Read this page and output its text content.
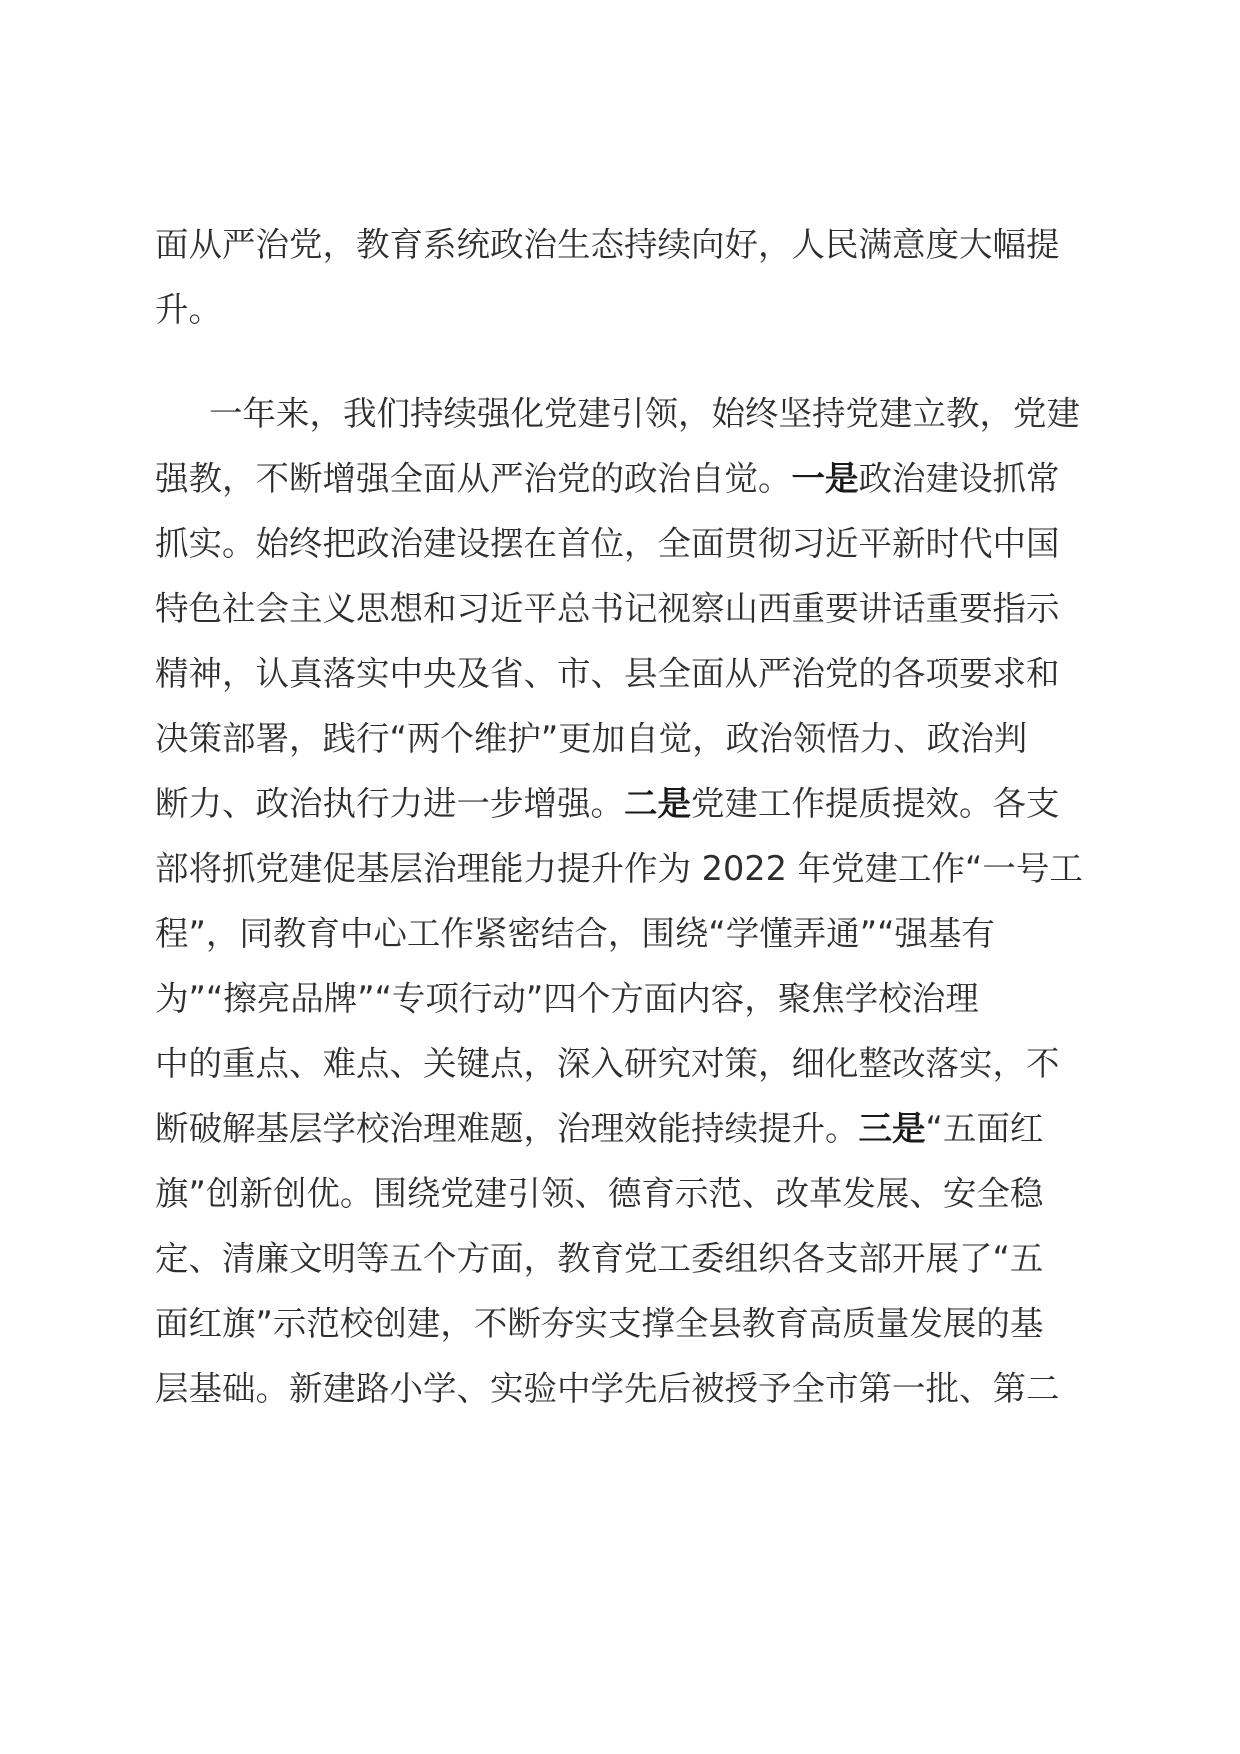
面从严治党，教育系统政治生态持续向好，人民满意度大幅提
升。

一年来，我们持续强化党建引领，始终坚持党建立教，党建
强教，不断增强全面从严治党的政治自觉。一是政治建设抓常
抓实。始终把政治建设摆在首位，全面贯彻习近平新时代中国
特色社会主义思想和习近平总书记视察山西重要讲话重要指示
精神，认真落实中央及省、市、县全面从严治党的各项要求和
决策部署，践行“两个维护”更加自觉，政治领悟力、政治判
断力、政治执行力进一步增强。二是党建工作提质提效。各支
部将抓党建促基层治理能力提升作为 2022 年党建工作“一号工
程”，同教育中心工作紧密结合，围绕“学懂弄通”“强基有
为”“擦亮品牌”“专项行动”四个方面内容，聚焦学校治理
中的重点、难点、关键点，深入研究对策，细化整改落实，不
断破解基层学校治理难题，治理效能持续提升。三是“五面红
旗”创新创优。围绕党建引领、德育示范、改革发展、安全稳
定、清廉文明等五个方面，教育党工委组织各支部开展了“五
面红旗”示范校创建，不断夯实支撑全县教育高质量发展的基
层基础。新建路小学、实验中学先后被授予全市第一批、第二
